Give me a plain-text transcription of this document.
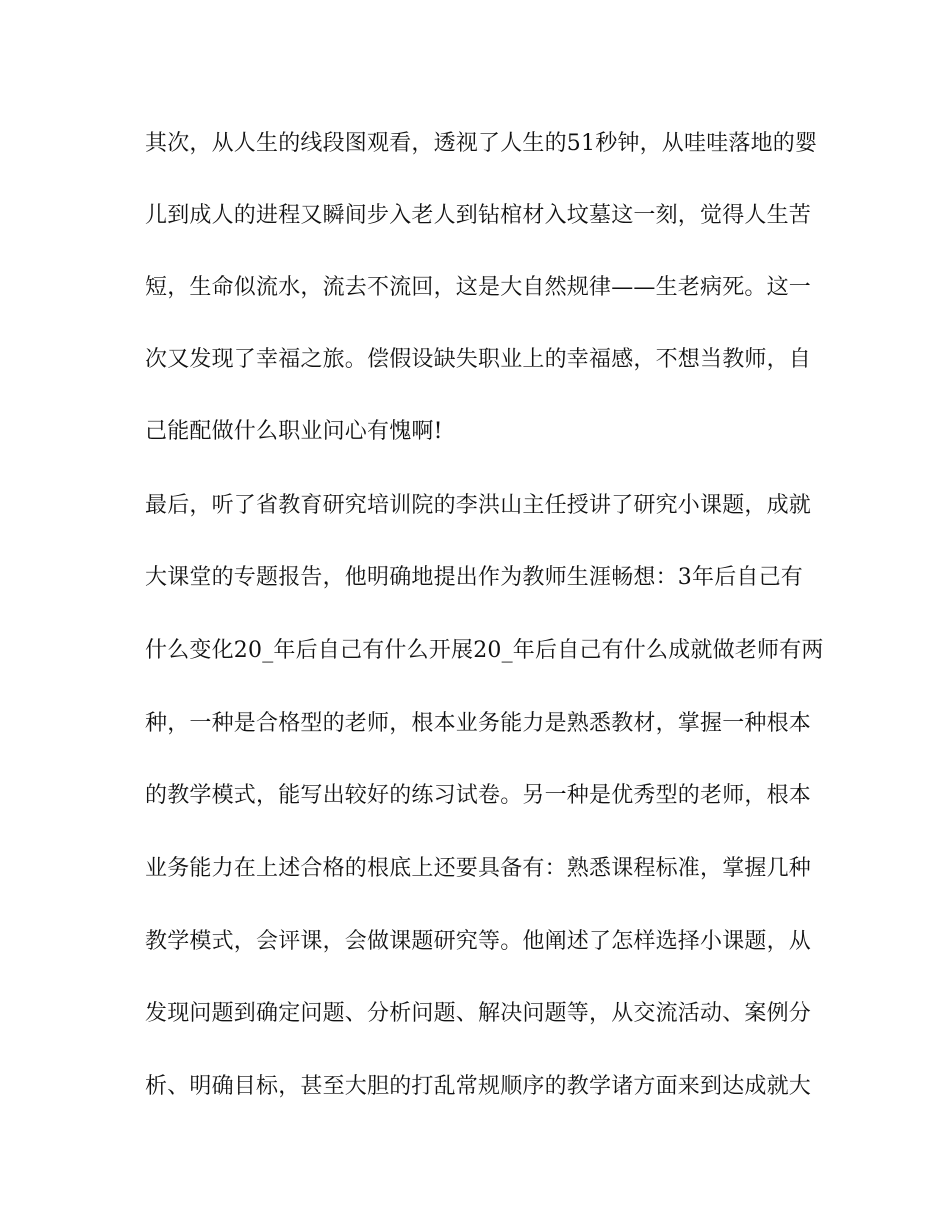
其次，从人生的线段图观看，透视了人生的51秒钟，从哇哇落地的婴
儿到成人的进程又瞬间步入老人到钻棺材入坟墓这一刻，觉得人生苦
短，生命似流水，流去不流回，这是大自然规律——生老病死。这一
次又发现了幸福之旅。偿假设缺失职业上的幸福感，不想当教师，自
己能配做什么职业问心有愧啊!
最后，听了省教育研究培训院的李洪山主任授讲了研究小课题，成就
大课堂的专题报告，他明确地提出作为教师生涯畅想：3年后自己有
什么变化20_年后自己有什么开展20_年后自己有什么成就做老师有两
种，一种是合格型的老师，根本业务能力是熟悉教材，掌握一种根本
的教学模式，能写出较好的练习试卷。另一种是优秀型的老师，根本
业务能力在上述合格的根底上还要具备有：熟悉课程标准，掌握几种
教学模式，会评课，会做课题研究等。他阐述了怎样选择小课题，从
发现问题到确定问题、分析问题、解决问题等，从交流活动、案例分
析、明确目标，甚至大胆的打乱常规顺序的教学诸方面来到达成就大
